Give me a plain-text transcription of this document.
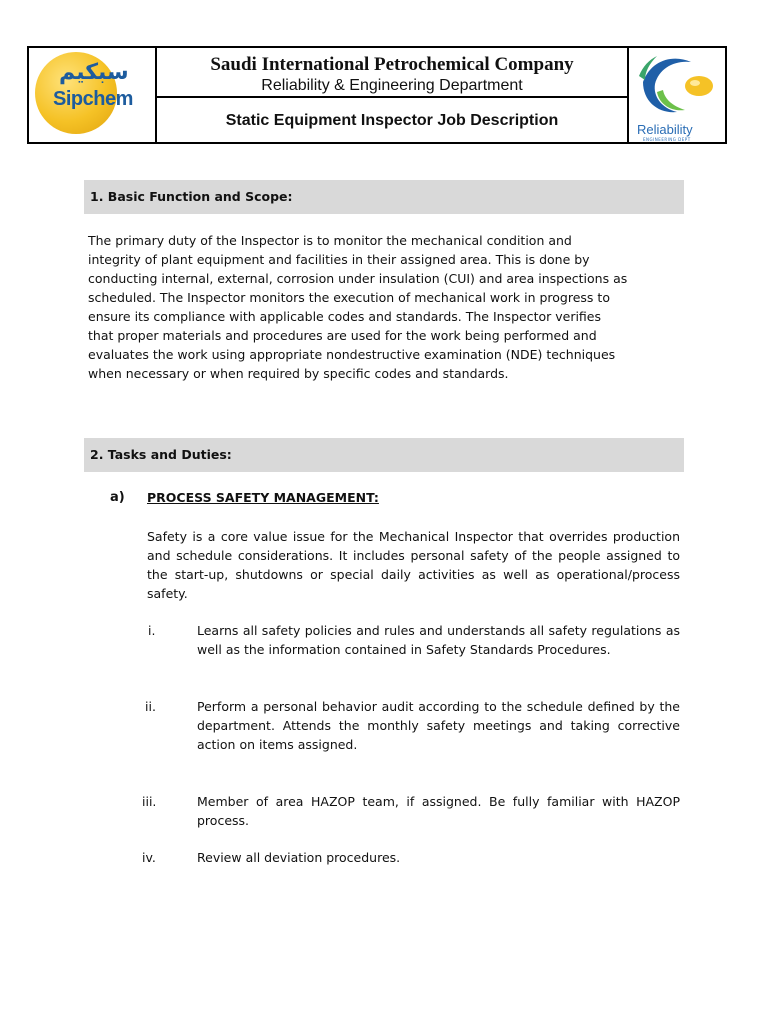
سبكيم
Sipchem
Saudi International Petrochemical Company
Reliability & Engineering Department
Static Equipment Inspector Job Description
Reliability
ENGINEERING DEPT
1. Basic Function and Scope:
The primary duty of the Inspector is to monitor the mechanical condition and integrity of plant equipment and facilities in their assigned area. This is done by conducting internal, external, corrosion under insulation (CUI) and area inspections as scheduled. The Inspector monitors the execution of mechanical work in progress to ensure its compliance with applicable codes and standards. The Inspector verifies that proper materials and procedures are used for the work being performed and evaluates the work using appropriate nondestructive examination (NDE) techniques when necessary or when required by specific codes and standards.
2. Tasks and Duties:
a) PROCESS SAFETY MANAGEMENT:
Safety is a core value issue for the Mechanical Inspector that overrides production and schedule considerations. It includes personal safety of the people assigned to the start-up, shutdowns or special daily activities as well as operational/process safety.
i.	Learns all safety policies and rules and understands all safety regulations as well as the information contained in Safety Standards Procedures.
ii.	Perform a personal behavior audit according to the schedule defined by the department. Attends the monthly safety meetings and taking corrective action on items assigned.
iii.	Member of area HAZOP team, if assigned. Be fully familiar with HAZOP process.
iv.	Review all deviation procedures.
